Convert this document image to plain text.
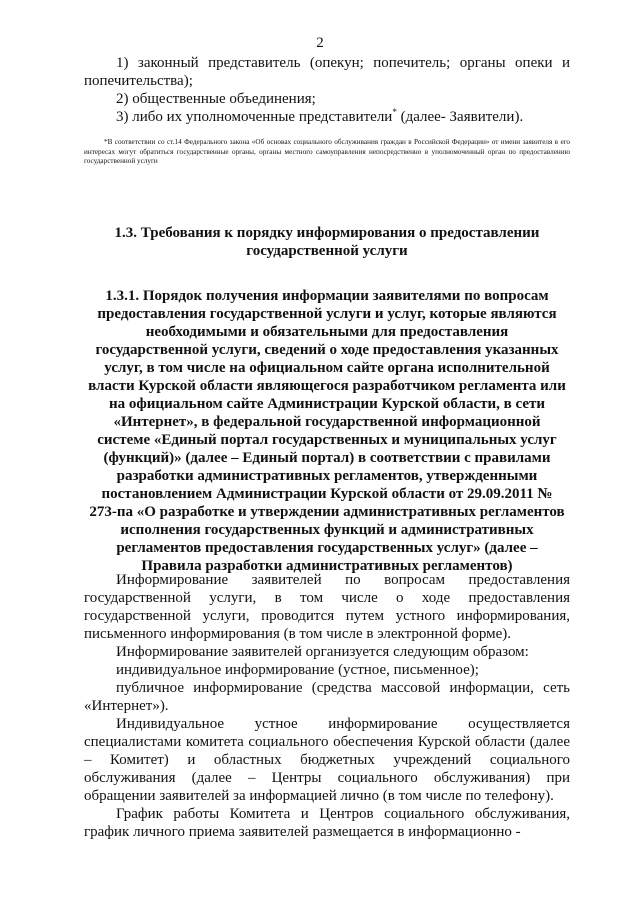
2

1) законный представитель (опекун; попечитель; органы опеки и попечительства);

2) общественные объединения;

3) либо их уполномоченные представители* (далее- Заявители).

*В соответствии со ст.14 Федерального закона «Об основах социального обслуживания граждан в Российской Федерации» от имени заявителя в его интересах могут обратиться государственные органы, органы местного самоуправления непосредственно в уполномоченный орган по предоставлению государственной услуги
1.3. Требования к порядку информирования о предоставлении
государственной услуги
1.3.1. Порядок получения информации заявителями по вопросам предоставления государственной услуги и услуг, которые являются необходимыми и обязательными для предоставления государственной услуги, сведений о ходе предоставления указанных услуг, в том числе на официальном сайте органа исполнительной власти Курской области являющегося разработчиком регламента или на официальном сайте Администрации Курской области, в сети «Интернет», в федеральной государственной информационной системе «Единый портал государственных и муниципальных услуг (функций)» (далее – Единый портал) в соответствии с правилами разработки административных регламентов, утвержденными постановлением Администрации Курской области от 29.09.2011 № 273-па «О разработке и утверждении административных регламентов исполнения государственных функций и административных регламентов предоставления государственных услуг» (далее – Правила разработки административных регламентов)

Информирование заявителей по вопросам предоставления государственной услуги, в том числе о ходе предоставления государственной услуги, проводится путем устного информирования, письменного информирования (в том числе в электронной форме).

Информирование заявителей организуется следующим образом:

индивидуальное информирование (устное, письменное);

публичное информирование (средства массовой информации, сеть «Интернет»).

Индивидуальное устное информирование осуществляется специалистами комитета социального обеспечения Курской области (далее – Комитет) и областных бюджетных учреждений социального обслуживания (далее – Центры социального обслуживания) при обращении заявителей за информацией лично (в том числе по телефону).

График работы Комитета и Центров социального обслуживания, график личного приема заявителей размещается в информационно -
